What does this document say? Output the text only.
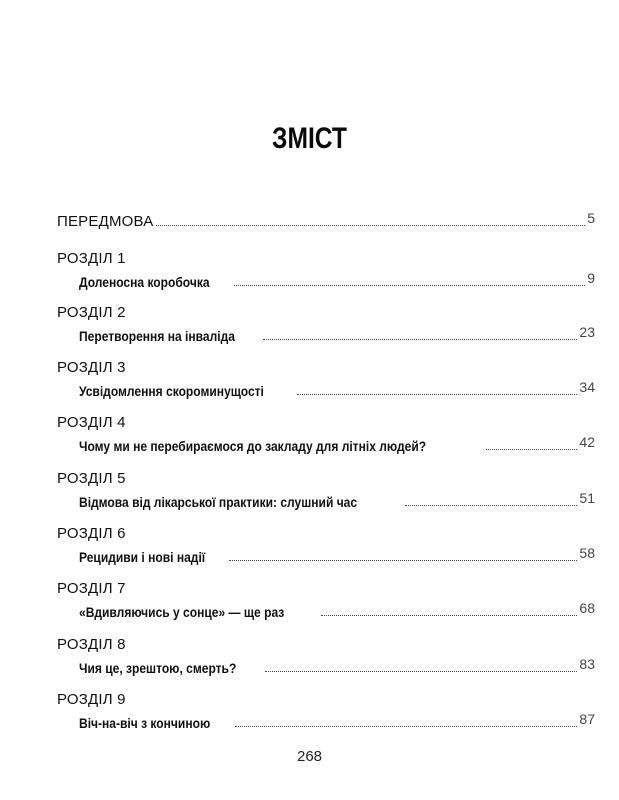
ЗМІСТ
ПЕРЕДМОВА	5
РОЗДІЛ 1
Доленосна коробочка	9
РОЗДІЛ 2
Перетворення на інваліда	23
РОЗДІЛ 3
Усвідомлення скороминущості	34
РОЗДІЛ 4
Чому ми не перебираємося до закладу для літніх людей?	42
РОЗДІЛ 5
Відмова від лікарської практики: слушний час	51
РОЗДІЛ 6
Рецидиви і нові надії	58
РОЗДІЛ 7
«Вдивляючись у сонце» — ще раз	68
РОЗДІЛ 8
Чия це, зрештою, смерть?	83
РОЗДІЛ 9
Віч-на-віч з кончиною	87
268
